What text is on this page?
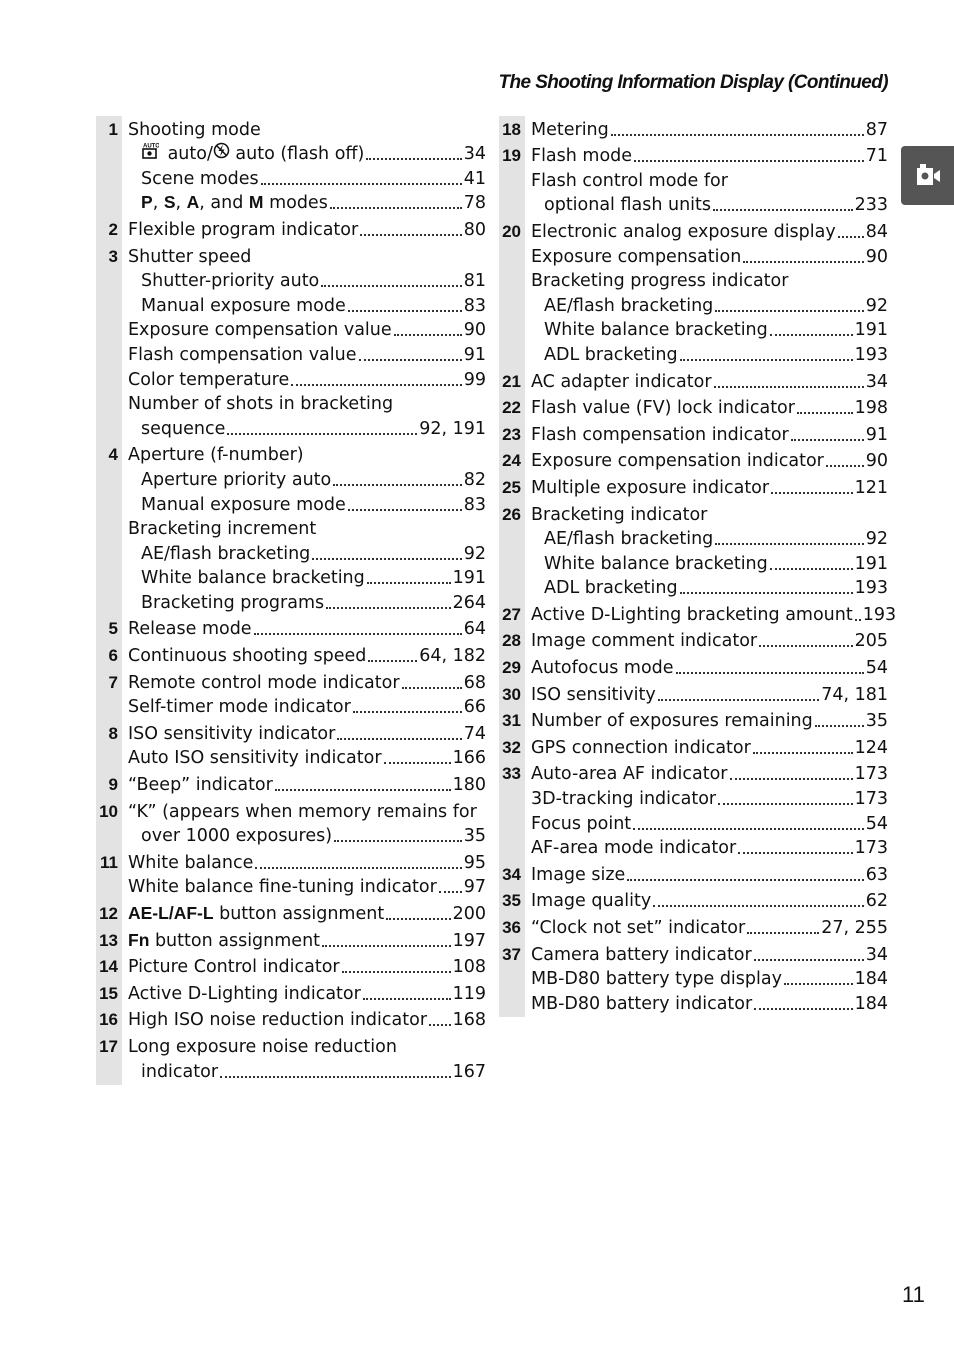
The Shooting Information Display (Continued)
1 Shooting mode
AUTO auto/ auto (flash off)	34
Scene modes	41
P, S, A, and M modes	78
2 Flexible program indicator	80
3 Shutter speed
Shutter-priority auto	81
Manual exposure mode	83
Exposure compensation value	90
Flash compensation value	91
Color temperature	99
Number of shots in bracketing
sequence	92, 191
4 Aperture (f-number)
Aperture priority auto	82
Manual exposure mode	83
Bracketing increment
AE/flash bracketing	92
White balance bracketing	191
Bracketing programs	264
5 Release mode	64
6 Continuous shooting speed	64, 182
7 Remote control mode indicator	68
Self-timer mode indicator	66
8 ISO sensitivity indicator	74
Auto ISO sensitivity indicator	166
9 “Beep” indicator	180
10 “K” (appears when memory remains for
over 1000 exposures)	35
11 White balance	95
White balance fine-tuning indicator 97
12 AE-L/AF-L button assignment	200
13 Fn button assignment	197
14 Picture Control indicator	108
15 Active D-Lighting indicator	119
16 High ISO noise reduction indicator 168
17 Long exposure noise reduction
indicator	167
18 Metering	87
19 Flash mode	71
Flash control mode for
optional flash units	233
20 Electronic analog exposure display 84
Exposure compensation	90
Bracketing progress indicator
AE/flash bracketing	92
White balance bracketing	191
ADL bracketing	193
21 AC adapter indicator	34
22 Flash value (FV) lock indicator	198
23 Flash compensation indicator	91
24 Exposure compensation indicator 90
25 Multiple exposure indicator	121
26 Bracketing indicator
AE/flash bracketing	92
White balance bracketing	191
ADL bracketing	193
27 Active D-Lighting bracketing amount 193
28 Image comment indicator	205
29 Autofocus mode	54
30 ISO sensitivity	74, 181
31 Number of exposures remaining	35
32 GPS connection indicator	124
33 Auto-area AF indicator	173
3D-tracking indicator	173
Focus point	54
AF-area mode indicator	173
34 Image size	63
35 Image quality	62
36 “Clock not set” indicator	27, 255
37 Camera battery indicator	34
MB-D80 battery type display	184
MB-D80 battery indicator	184
11
